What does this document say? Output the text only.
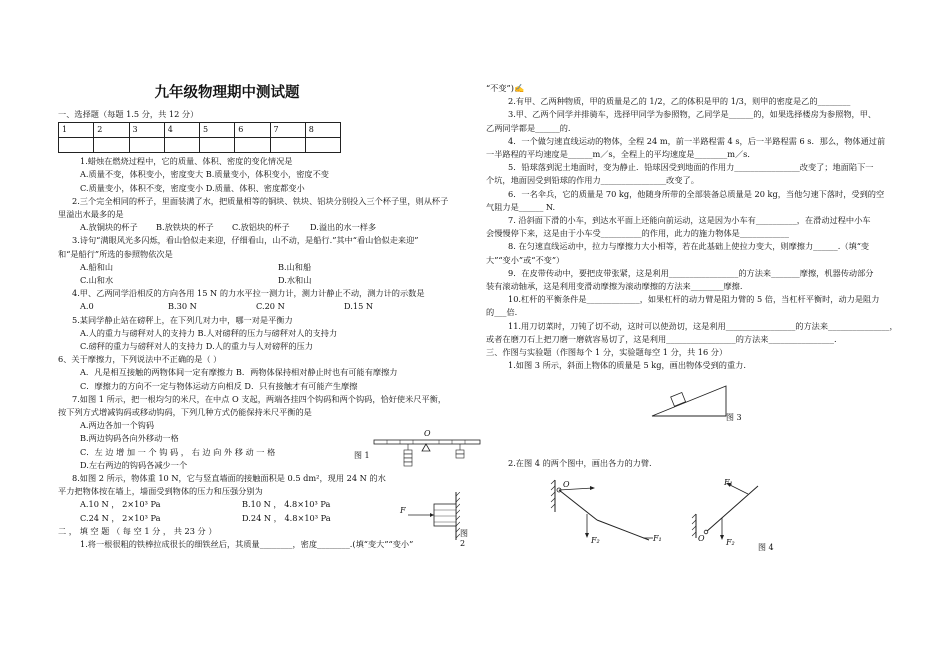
九年级物理期中测试题
一、选择题（每题 1.5 分，共 12 分）
1	2	3	4	5	6	7	8

1.蜡烛在燃烧过程中，它的质量、体积、密度的变化情况是
A.质量不变，体积变小，密度变大 B.质量变小，体积变小，密度不变
C.质量变小，体积不变，密度变小 D.质量、体积、密度都变小
2.三个完全相同的杯子，里面装满了水，把质量相等的铜块、铁块、铝块分别投入三个杯子里，则从杯子
里溢出水最多的是
A.放铜块的杯子 B.放铁块的杯子 C.放铝块的杯子 D.溢出的水一样多
3.诗句“满眼风光多闪烁，看山恰似走来迎，仔细看山，山不动，是船行.”其中“看山恰似走来迎”
和“是船行”所选的参照物依次是
A.船和山	B.山和船
C.山和水	D.水和山
4.甲、乙两同学沿相反的方向各用 15 N 的力水平拉一测力计，测力计静止不动，测力计的示数是
A.0	B.30 N	C.20 N	D.15 N
5.某同学静止站在磅秤上，在下列几对力中，哪一对是平衡力
A.人的重力与磅秤对人的支持力 B.人对磅秤的压力与磅秤对人的支持力
C.磅秤的重力与磅秤对人的支持力 D.人的重力与人对磅秤的压力
6、关于摩擦力，下列说法中不正确的是（ ）
A．凡是相互接触的两物体间一定有摩擦力 B．两物体保持相对静止时也有可能有摩擦力
C．摩擦力的方向不一定与物体运动方向相反 D．只有接触才有可能产生摩擦
7.如图 1 所示，把一根均匀的米尺，在中点 O 支起，两端各挂四个钩码和两个钩码，恰好使米尺平衡，
按下列方式增减钩码或移动钩码，下列几种方式仍能保持米尺平衡的是
A.两边各加一个钩码
B.两边钩码各向外移动一格
C．左 边 增 加 一 个 钩 码 ， 右 边 向 外 移 动 一 格
D.左右两边的钩码各减少一个
8.如图 2 所示，物体重 10 N，它与竖直墙面的接触面积是 0.5 dm²，现用 24 N 的水
平力把物体按在墙上，墙面受到物体的压力和压强分别为
A.10 N ， 2×10³ Pa	B.10 N ， 4.8×10³ Pa
C.24 N ， 2×10³ Pa	D.24 N ， 4.8×10³ Pa
二 ， 填 空 题 （ 每 空 1 分 ， 共 23 分 ）
1.将一根很粗的铁棒拉成很长的细铁丝后，其质量________，密度________.(填“变大”“变小”
O
图 1
F
图 2
“不变”)✍
2.有甲、乙两种物质，甲的质量是乙的 1/2，乙的体积是甲的 1/3，则甲的密度是乙的________
3.甲、乙两个同学并排骑车，选择甲同学为参照物，乙同学是______的，如果选择楼房为参照物，甲、
乙两同学都是______的.
4．一个做匀速直线运动的物体，全程 24 m，前一半路程需 4 s，后一半路程需 6 s．那么，物体通过前
一半路程的平均速度是______m／s，全程上的平均速度是________m／s．
5．铅球落到泥土地面时，变为静止．铅球因受到地面的作用力________________改变了；地面陷下一
个坑，地面因受到铅球的作用力________________改变了。
6．一名伞兵，它的质量是 70 kg，他随身所带的全部装备总质量是 20 kg，当他匀速下落时，受到的空
气阻力是______ N.
7. 沿斜面下滑的小车，到达水平面上还能向前运动，这是因为小车有__________，在滑动过程中小车
会慢慢停下来，这是由于小车受__________的作用，此力的施力物体是____________
8. 在匀速直线运动中，拉力与摩擦力大小相等，若在此基础上使拉力变大，则摩擦力______.（填“变
大”“变小”或“不变”）
9．在皮带传动中，要把皮带张紧，这是利用_________________的方法来_______摩擦，机器传动部分
装有滚动轴承，这是利用变滑动摩擦为滚动摩擦的方法来________摩擦.
10.杠杆的平衡条件是_____________，如果杠杆的动力臂是阻力臂的 5 倍，当杠杆平衡时，动力是阻力
的___倍.
11.用刀切菜时，刀钝了切不动，这时可以使劲切，这是利用_________________的方法来_______________，
或者在磨刀石上把刀磨一磨就容易切了，这是利用_________________的方法来________________.
三、作图与实验题（作图每个 1 分，实验题每空 1 分，共 16 分）
1.如图 3 所示，斜面上物体的质量是 5 kg，画出物体受到的重力.
图 3
2.在图 4 的两个图中，画出各力的力臂.
O
F₂	F₁
F₁
O	F₂
图 4
